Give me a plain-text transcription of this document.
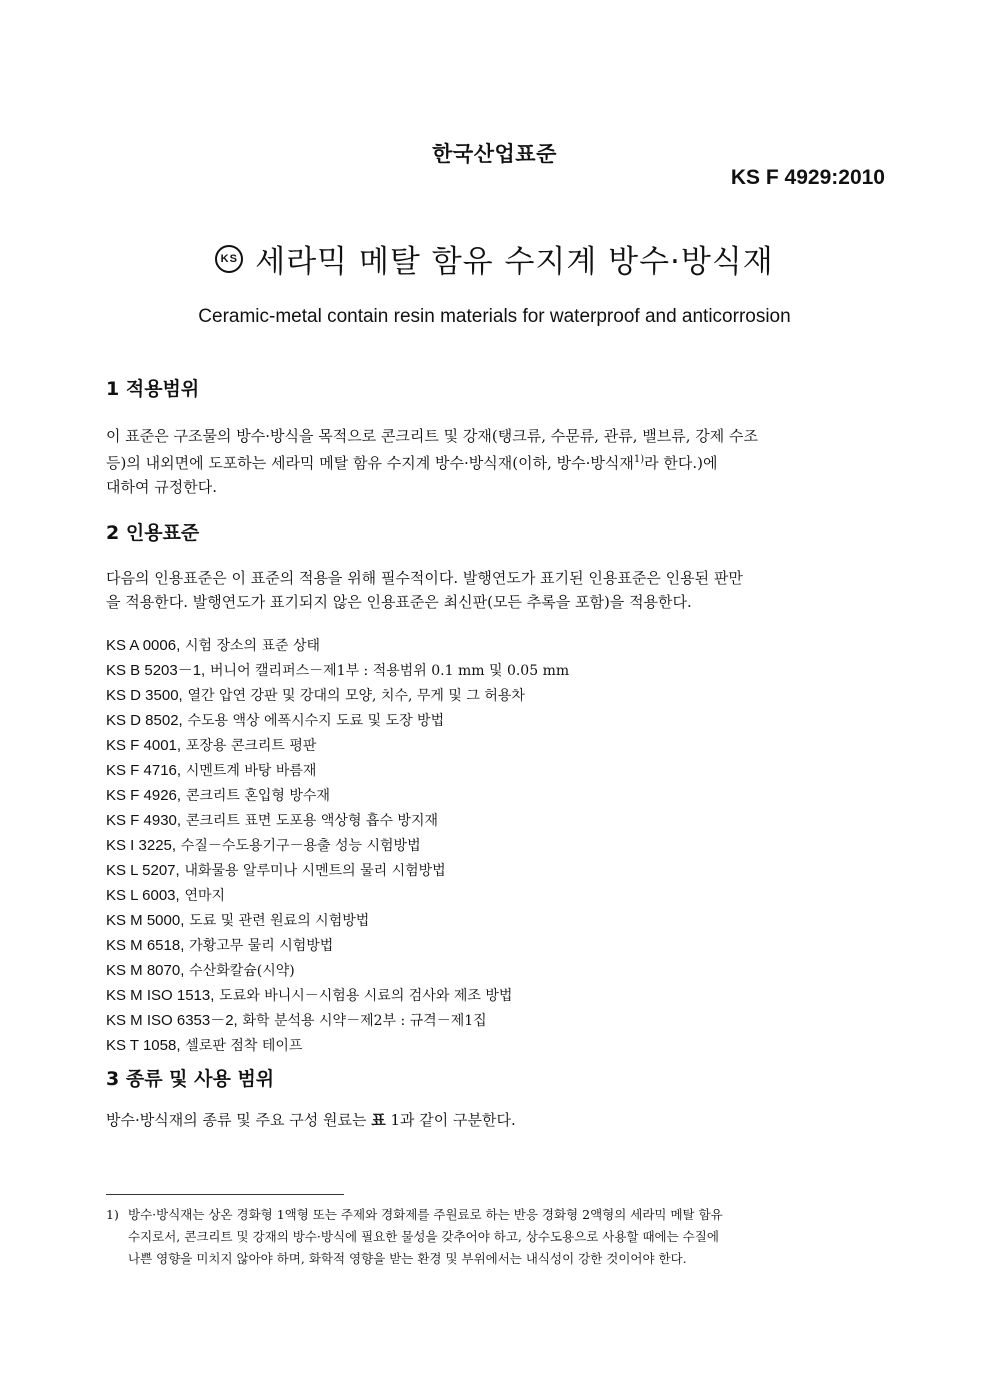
한국산업표준
KS F 4929:2010
KS 세라믹 메탈 함유 수지계 방수·방식재
Ceramic-metal contain resin materials for waterproof and anticorrosion
1 적용범위
이 표준은 구조물의 방수·방식을 목적으로 콘크리트 및 강재(탱크류, 수문류, 관류, 밸브류, 강제 수조
등)의 내외면에 도포하는 세라믹 메탈 함유 수지계 방수·방식재(이하, 방수·방식재$^{1)}$라 한다.)에
대하여 규정한다.
2 인용표준
다음의 인용표준은 이 표준의 적용을 위해 필수적이다. 발행연도가 표기된 인용표준은 인용된 판만
을 적용한다. 발행연도가 표기되지 않은 인용표준은 최신판(모든 추록을 포함)을 적용한다.
KS A 0006, 시험 장소의 표준 상태
KS B 5203－1, 버니어 캘리퍼스－제1부 : 적용범위 0.1 mm 및 0.05 mm
KS D 3500, 열간 압연 강판 및 강대의 모양, 치수, 무게 및 그 허용차
KS D 8502, 수도용 액상 에폭시수지 도료 및 도장 방법
KS F 4001, 포장용 콘크리트 평판
KS F 4716, 시멘트계 바탕 바름재
KS F 4926, 콘크리트 혼입형 방수재
KS F 4930, 콘크리트 표면 도포용 액상형 흡수 방지재
KS I 3225, 수질－수도용기구－용출 성능 시험방법
KS L 5207, 내화물용 알루미나 시멘트의 물리 시험방법
KS L 6003, 연마지
KS M 5000, 도료 및 관련 원료의 시험방법
KS M 6518, 가황고무 물리 시험방법
KS M 8070, 수산화칼슘(시약)
KS M ISO 1513, 도료와 바니시－시험용 시료의 검사와 제조 방법
KS M ISO 6353－2, 화학 분석용 시약－제2부 : 규격－제1집
KS T 1058, 셀로판 점착 테이프
3 종류 및 사용 범위
방수·방식재의 종류 및 주요 구성 원료는 표 1과 같이 구분한다.
1) 방수·방식재는 상온 경화형 1액형 또는 주제와 경화제를 주원료로 하는 반응 경화형 2액형의 세라믹 메탈 함유
수지로서, 콘크리트 및 강재의 방수·방식에 필요한 물성을 갖추어야 하고, 상수도용으로 사용할 때에는 수질에
나쁜 영향을 미치지 않아야 하며, 화학적 영향을 받는 환경 및 부위에서는 내식성이 강한 것이어야 한다.
